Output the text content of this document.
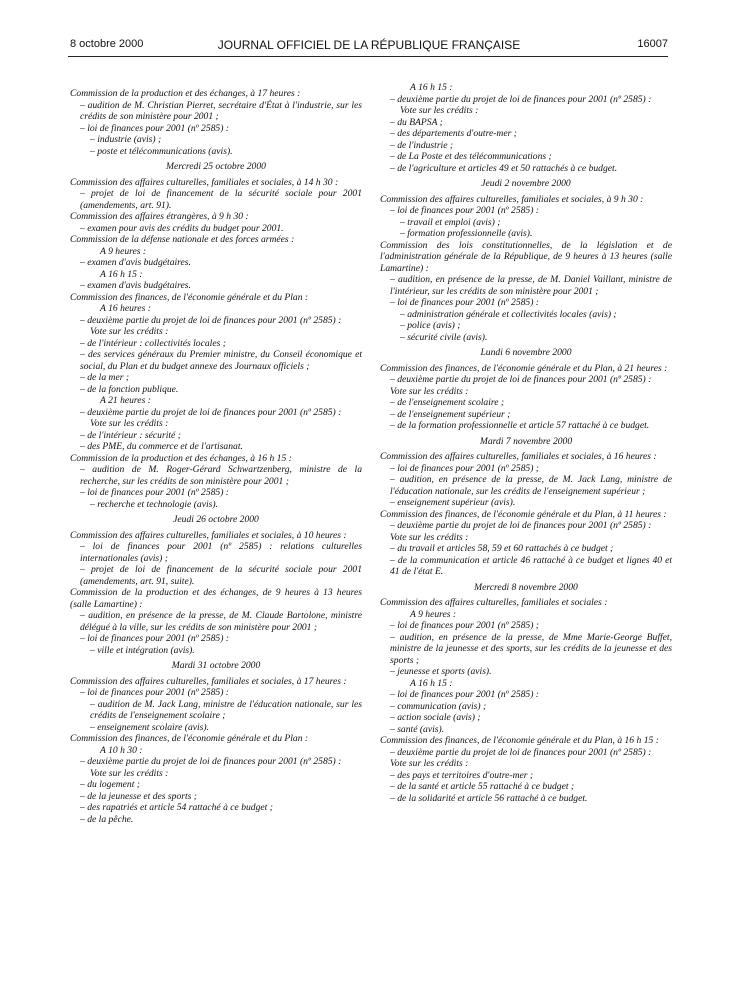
8 octobre 2000	JOURNAL OFFICIEL DE LA RÉPUBLIQUE FRANÇAISE	16007

Commission de la production et des échanges, à 17 heures :

– audition de M. Christian Pierret, secrétaire d'État à l'industrie, sur les crédits de son ministère pour 2001 ;

– loi de finances pour 2001 (nº 2585) :

– industrie (avis) ;

– poste et télécommunications (avis).

Mercredi 25 octobre 2000

Commission des affaires culturelles, familiales et sociales, à 14 h 30 :

– projet de loi de financement de la sécurité sociale pour 2001 (amendements, art. 91).

Commission des affaires étrangères, à 9 h 30 :

– examen pour avis des crédits du budget pour 2001.

Commission de la défense nationale et des forces armées :

A 9 heures :

– examen d'avis budgétaires.

A 16 h 15 :

– examen d'avis budgétaires.

Commission des finances, de l'économie générale et du Plan :

A 16 heures :

– deuxième partie du projet de loi de finances pour 2001 (nº 2585) :

Vote sur les crédits :

– de l'intérieur : collectivités locales ;

– des services généraux du Premier ministre, du Conseil économique et social, du Plan et du budget annexe des Journaux officiels ;

– de la mer ;

– de la fonction publique.

A 21 heures :

– deuxième partie du projet de loi de finances pour 2001 (nº 2585) :

Vote sur les crédits :

– de l'intérieur : sécurité ;

– des PME, du commerce et de l'artisanat.

Commission de la production et des échanges, à 16 h 15 :

– audition de M. Roger-Gérard Schwartzenberg, ministre de la recherche, sur les crédits de son ministère pour 2001 ;

– loi de finances pour 2001 (nº 2585) :

– recherche et technologie (avis).

Jeudi 26 octobre 2000

Commission des affaires culturelles, familiales et sociales, à 10 heures :

– loi de finances pour 2001 (nº 2585) : relations culturelles internationales (avis) ;

– projet de loi de financement de la sécurité sociale pour 2001 (amendements, art. 91, suite).

Commission de la production et des échanges, de 9 heures à 13 heures (salle Lamartine) :

– audition, en présence de la presse, de M. Claude Bartolone, ministre délégué à la ville, sur les crédits de son ministère pour 2001 ;

– loi de finances pour 2001 (nº 2585) :

– ville et intégration (avis).

Mardi 31 octobre 2000

Commission des affaires culturelles, familiales et sociales, à 17 heures :

– loi de finances pour 2001 (nº 2585) :

– audition de M. Jack Lang, ministre de l'éducation nationale, sur les crédits de l'enseignement scolaire ;

– enseignement scolaire (avis).

Commission des finances, de l'économie générale et du Plan :

A 10 h 30 :

– deuxième partie du projet de loi de finances pour 2001 (nº 2585) :

Vote sur les crédits :

– du logement ;

– de la jeunesse et des sports ;

– des rapatriés et article 54 rattaché à ce budget ;

– de la pêche.

A 16 h 15 :

– deuxième partie du projet de loi de finances pour 2001 (nº 2585) :

Vote sur les crédits :

– du BAPSA ;

– des départements d'outre-mer ;

– de l'industrie ;

– de La Poste et des télécommunications ;

– de l'agriculture et articles 49 et 50 rattachés à ce budget.

Jeudi 2 novembre 2000

Commission des affaires culturelles, familiales et sociales, à 9 h 30 :

– loi de finances pour 2001 (nº 2585) :

– travail et emploi (avis) ;

– formation professionnelle (avis).

Commission des lois constitutionnelles, de la législation et de l'administration générale de la République, de 9 heures à 13 heures (salle Lamartine) :

– audition, en présence de la presse, de M. Daniel Vaillant, ministre de l'intérieur, sur les crédits de son ministère pour 2001 ;

– loi de finances pour 2001 (nº 2585) :

– administration générale et collectivités locales (avis) ;

– police (avis) ;

– sécurité civile (avis).

Lundi 6 novembre 2000

Commission des finances, de l'économie générale et du Plan, à 21 heures :

– deuxième partie du projet de loi de finances pour 2001 (nº 2585) :

Vote sur les crédits :

– de l'enseignement scolaire ;

– de l'enseignement supérieur ;

– de la formation professionnelle et article 57 rattaché à ce budget.

Mardi 7 novembre 2000

Commission des affaires culturelles, familiales et sociales, à 16 heures :

– loi de finances pour 2001 (nº 2585) ;

– audition, en présence de la presse, de M. Jack Lang, ministre de l'éducation nationale, sur les crédits de l'enseignement supérieur ;

– enseignement supérieur (avis).

Commission des finances, de l'économie générale et du Plan, à 11 heures :

– deuxième partie du projet de loi de finances pour 2001 (nº 2585) :

Vote sur les crédits :

– du travail et articles 58, 59 et 60 rattachés à ce budget ;

– de la communication et article 46 rattaché à ce budget et lignes 40 et 41 de l'état E.

Mercredi 8 novembre 2000

Commission des affaires culturelles, familiales et sociales :

A 9 heures :

– loi de finances pour 2001 (nº 2585) ;

– audition, en présence de la presse, de Mme Marie-George Buffet, ministre de la jeunesse et des sports, sur les crédits de la jeunesse et des sports ;

– jeunesse et sports (avis).

A 16 h 15 :

– loi de finances pour 2001 (nº 2585) :

– communication (avis) ;

– action sociale (avis) ;

– santé (avis).

Commission des finances, de l'économie générale et du Plan, à 16 h 15 :

– deuxième partie du projet de loi de finances pour 2001 (nº 2585) :

Vote sur les crédits :

– des pays et territoires d'outre-mer ;

– de la santé et article 55 rattaché à ce budget ;

– de la solidarité et article 56 rattaché à ce budget.
